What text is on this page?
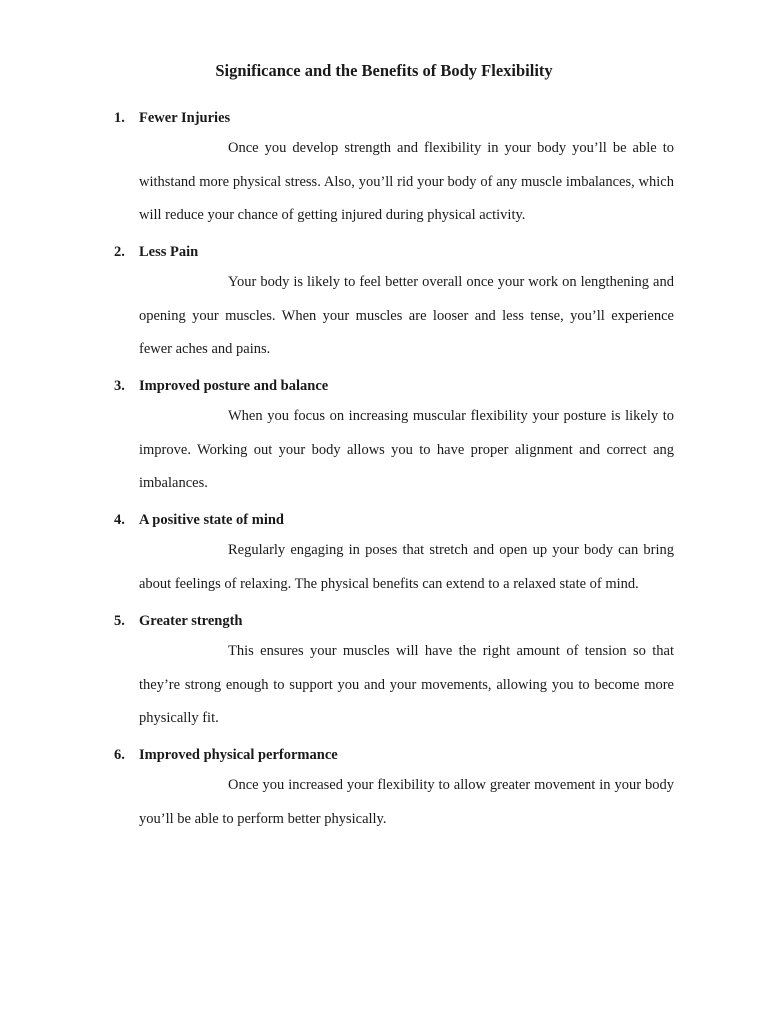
Significance and the Benefits of Body Flexibility
1. Fewer Injuries

Once you develop strength and flexibility in your body you’ll be able to withstand more physical stress. Also, you’ll rid your body of any muscle imbalances, which will reduce your chance of getting injured during physical activity.

2. Less Pain

Your body is likely to feel better overall once your work on lengthening and opening your muscles. When your muscles are looser and less tense, you’ll experience fewer aches and pains.

3. Improved posture and balance

When you focus on increasing muscular flexibility your posture is likely to improve. Working out your body allows you to have proper alignment and correct ang imbalances.

4. A positive state of mind

Regularly engaging in poses that stretch and open up your body can bring about feelings of relaxing. The physical benefits can extend to a relaxed state of mind.

5. Greater strength

This ensures your muscles will have the right amount of tension so that they’re strong enough to support you and your movements, allowing you to become more physically fit.

6. Improved physical performance

Once you increased your flexibility to allow greater movement in your body you’ll be able to perform better physically.
